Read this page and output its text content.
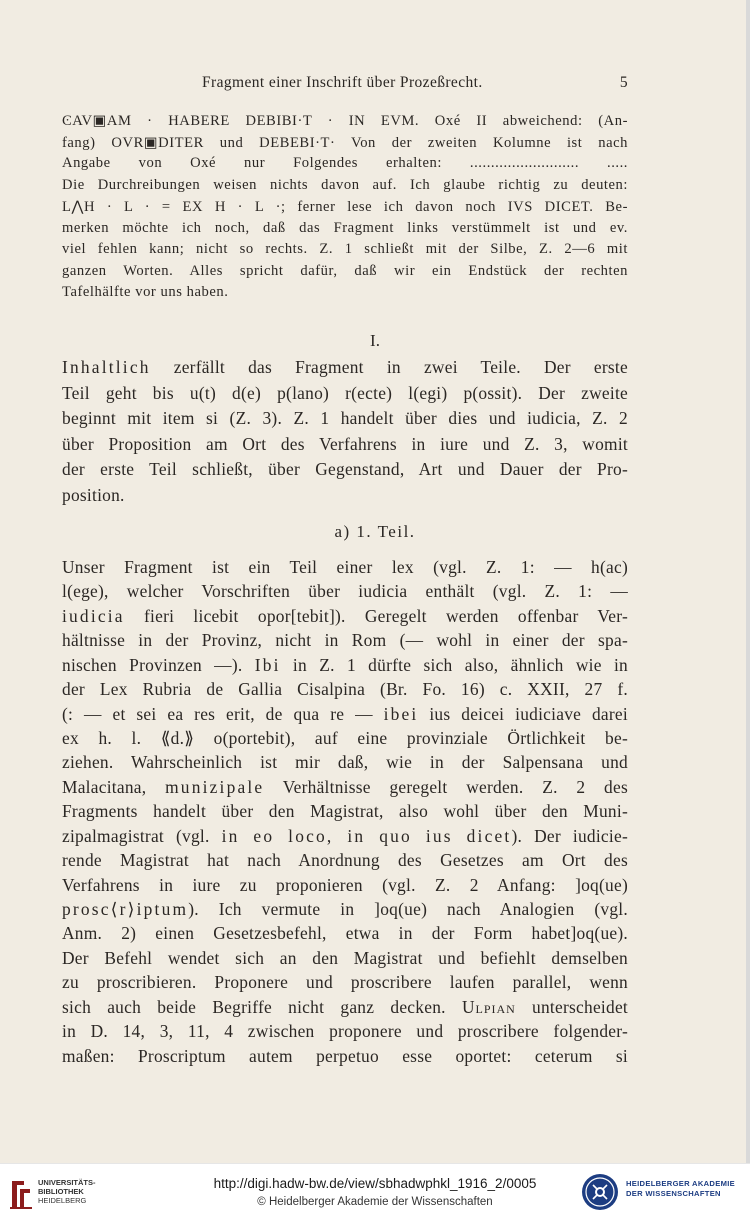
Fragment einer Inschrift über Prozeßrecht.	5
ϾAV▣AM · HABERE DEBIBI·T · IN EVM. Oxé II abweichend: (An-
fang) OVR▣DITER und DEBEBI·T· Von der zweiten Kolumne ist nach
Angabe von Oxé nur Folgendes erhalten: .......................... .....
Die Durchreibungen weisen nichts davon auf. Ich glaube richtig zu deuten:
L⋀H · L · = EX H · L ·; ferner lese ich davon noch IVS DICET. Be-
merken möchte ich noch, daß das Fragment links verstümmelt ist und ev.
viel fehlen kann; nicht so rechts. Z. 1 schließt mit der Silbe, Z. 2—6 mit
ganzen Worten. Alles spricht dafür, daß wir ein Endstück der rechten
Tafelhälfte vor uns haben.
I.
Inhaltlich zerfällt das Fragment in zwei Teile. Der erste
Teil geht bis u(t) d(e) p(lano) r(ecte) l(egi) p(ossit). Der zweite
beginnt mit item si (Z. 3). Z. 1 handelt über dies und iudicia, Z. 2
über Proposition am Ort des Verfahrens in iure und Z. 3, womit
der erste Teil schließt, über Gegenstand, Art und Dauer der Pro-
position.
a) 1. Teil.
Unser Fragment ist ein Teil einer lex (vgl. Z. 1: — h(ac)
l(ege), welcher Vorschriften über iudicia enthält (vgl. Z. 1: —
iudicia fieri licebit opor[tebit]). Geregelt werden offenbar Ver-
hältnisse in der Provinz, nicht in Rom (— wohl in einer der spa-
nischen Provinzen —). Ibi in Z. 1 dürfte sich also, ähnlich wie in
der Lex Rubria de Gallia Cisalpina (Br. Fo. 16) c. XXII, 27 f.
(: — et sei ea res erit, de qua re — ibei ius deicei iudiciave darei
ex h. l. ⟪d.⟫ o(portebit), auf eine provinziale Örtlichkeit be-
ziehen. Wahrscheinlich ist mir daß, wie in der Salpensana und
Malacitana, munizipale Verhältnisse geregelt werden. Z. 2 des
Fragments handelt über den Magistrat, also wohl über den Muni-
zipalmagistrat (vgl. in eo loco, in quo ius dicet). Der iudicie-
rende Magistrat hat nach Anordnung des Gesetzes am Ort des
Verfahrens in iure zu proponieren (vgl. Z. 2 Anfang: ]oq(ue)
prosc⟨r⟩iptum). Ich vermute in ]oq(ue) nach Analogien (vgl.
Anm. 2) einen Gesetzesbefehl, etwa in der Form habet]oq(ue).
Der Befehl wendet sich an den Magistrat und befiehlt demselben
zu proscribieren. Proponere und proscribere laufen parallel, wenn
sich auch beide Begriffe nicht ganz decken. Ulpian unterscheidet
in D. 14, 3, 11, 4 zwischen proponere und proscribere folgender-
maßen: Proscriptum autem perpetuo esse oportet: ceterum si
UNIVERSITÄTS-
BIBLIOTHEK
HEIDELBERG
http://digi.hadw-bw.de/view/sbhadwphkl_1916_2/0005
© Heidelberger Akademie der Wissenschaften
HEIDELBERGER AKADEMIE
DER WISSENSCHAFTEN
